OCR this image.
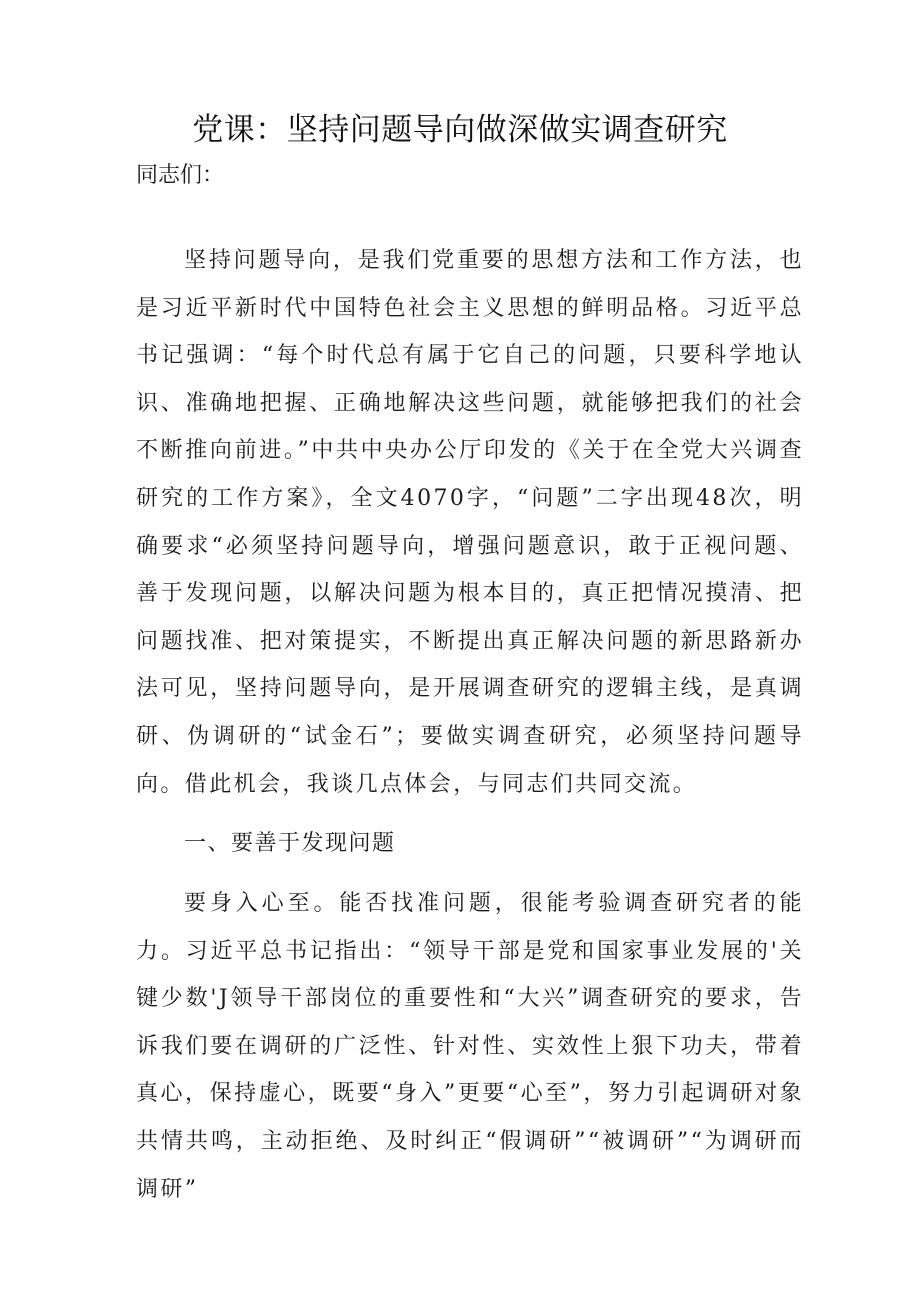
党课：坚持问题导向做深做实调查研究

同志们：

坚持问题导向，是我们党重要的思想方法和工作方法，也是习近平新时代中国特色社会主义思想的鲜明品格。习近平总书记强调：“每个时代总有属于它自己的问题，只要科学地认识、准确地把握、正确地解决这些问题，就能够把我们的社会不断推向前进。”中共中央办公厅印发的《关于在全党大兴调查研究的工作方案》，全文4070字，“问题”二字出现48次，明确要求“必须坚持问题导向，增强问题意识，敢于正视问题、善于发现问题，以解决问题为根本目的，真正把情况摸清、把问题找准、把对策提实，不断提出真正解决问题的新思路新办法可见，坚持问题导向，是开展调查研究的逻辑主线，是真调研、伪调研的“试金石”；要做实调查研究，必须坚持问题导向。借此机会，我谈几点体会，与同志们共同交流。

一、要善于发现问题

要身入心至。能否找准问题，很能考验调查研究者的能力。习近平总书记指出：“领导干部是党和国家事业发展的'关键少数'J领导干部岗位的重要性和“大兴”调查研究的要求，告诉我们要在调研的广泛性、针对性、实效性上狠下功夫，带着真心，保持虚心，既要“身入”更要“心至”，努力引起调研对象共情共鸣，主动拒绝、及时纠正“假调研”“被调研”“为调研而调研”
